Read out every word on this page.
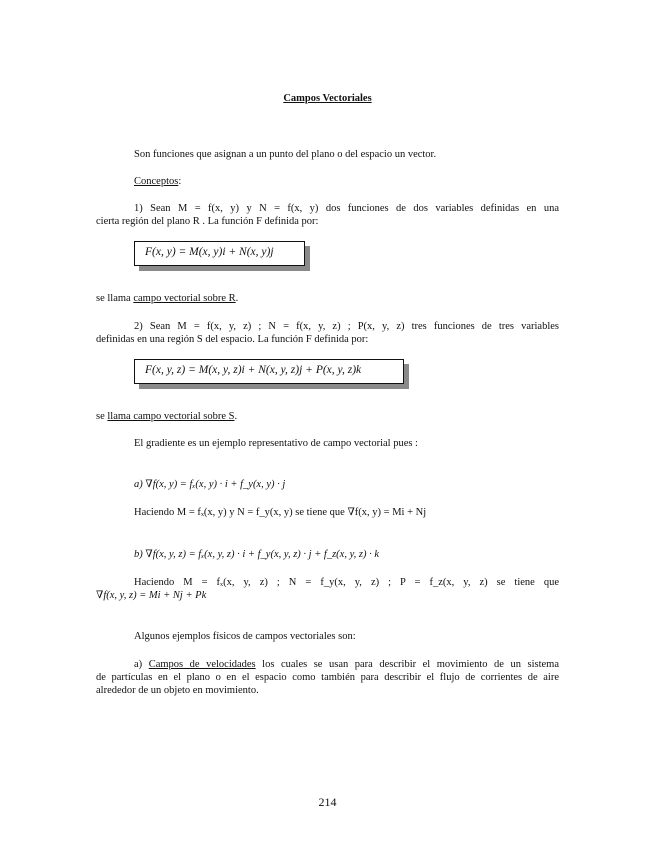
Campos Vectoriales
Son funciones que asignan a un punto del plano o del espacio un vector.
Conceptos:
1) Sean M = f(x, y) y N = f(x, y) dos funciones de dos variables definidas en una
cierta región del plano R . La función F definida por:
F(x, y) = M(x, y)i + N(x, y)j
se llama campo vectorial sobre R.
2) Sean M = f(x, y, z) ; N = f(x, y, z) ; P(x, y, z) tres funciones de tres variables
definidas en una región S del espacio. La función F definida por:
F(x, y, z) = M(x, y, z)i + N(x, y, z)j + P(x, y, z)k
se llama campo vectorial sobre S.
El gradiente es un ejemplo representativo de campo vectorial pues :
a) ∇f(x, y) = fₓ(x, y) · i + f_y(x, y) · j
Haciendo M = fₓ(x, y) y N = f_y(x, y) se tiene que ∇f(x, y) = Mi + Nj
b) ∇f(x, y, z) = fₓ(x, y, z) · i + f_y(x, y, z) · j + f_z(x, y, z) · k
Haciendo M = fₓ(x, y, z) ; N = f_y(x, y, z) ; P = f_z(x, y, z) se tiene que
∇f(x, y, z) = Mi + Nj + Pk
Algunos ejemplos físicos de campos vectoriales son:
a) Campos de velocidades los cuales se usan para describir el movimiento de un sistema
de partículas en el plano o en el espacio como también para describir el flujo de corrientes de aire
alrededor de un objeto en movimiento.
214
